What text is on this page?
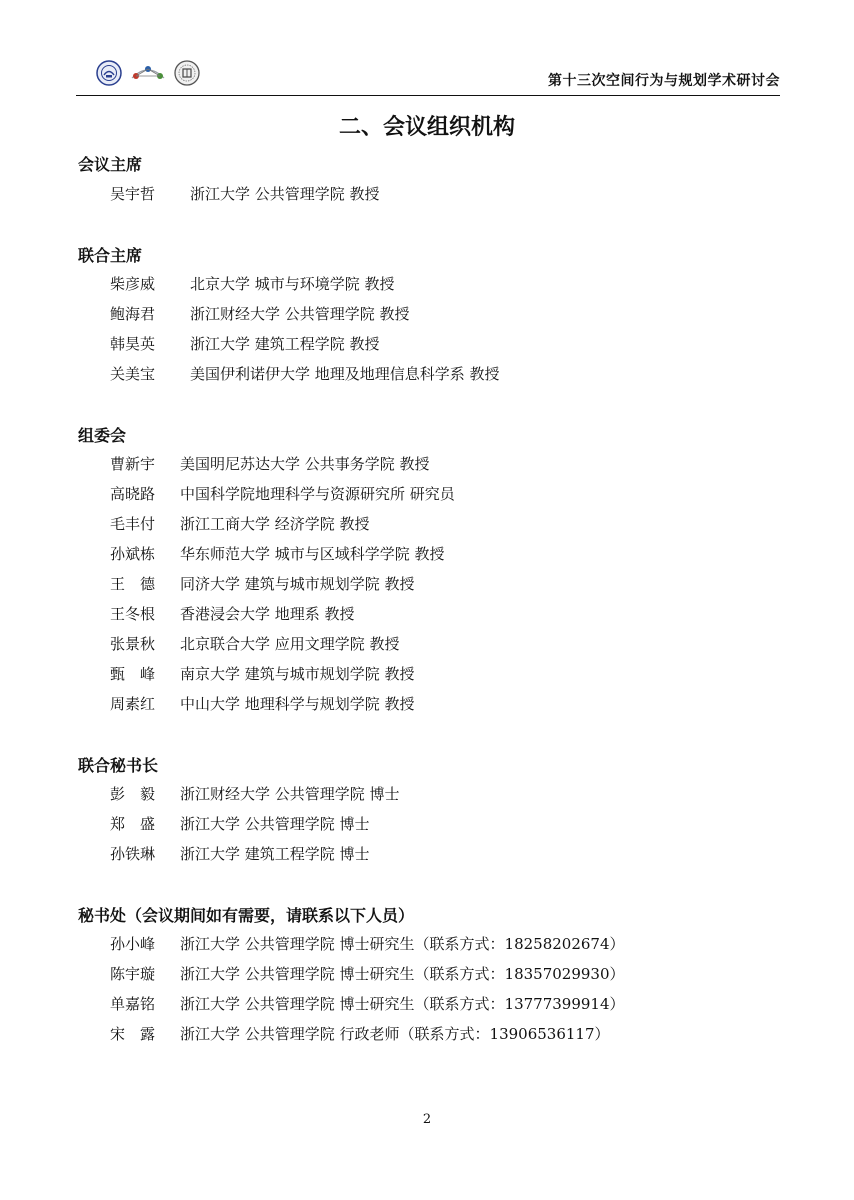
第十三次空间行为与规划学术研讨会
二、会议组织机构
会议主席
吴宇哲 浙江大学 公共管理学院 教授
联合主席
柴彦威 北京大学 城市与环境学院 教授
鲍海君 浙江财经大学 公共管理学院 教授
韩昊英 浙江大学 建筑工程学院 教授
关美宝 美国伊利诺伊大学 地理及地理信息科学系 教授
组委会
曹新宇 美国明尼苏达大学 公共事务学院 教授
高晓路 中国科学院地理科学与资源研究所 研究员
毛丰付 浙江工商大学 经济学院 教授
孙斌栋 华东师范大学 城市与区域科学学院 教授
王　德 同济大学 建筑与城市规划学院 教授
王冬根 香港浸会大学 地理系 教授
张景秋 北京联合大学 应用文理学院 教授
甄　峰 南京大学 建筑与城市规划学院 教授
周素红 中山大学 地理科学与规划学院 教授
联合秘书长
彭　毅 浙江财经大学 公共管理学院 博士
郑　盛 浙江大学 公共管理学院 博士
孙铁琳 浙江大学 建筑工程学院 博士
秘书处（会议期间如有需要，请联系以下人员）
孙小峰 浙江大学 公共管理学院 博士研究生（联系方式：18258202674）
陈宇璇 浙江大学 公共管理学院 博士研究生（联系方式：18357029930）
单嘉铭 浙江大学 公共管理学院 博士研究生（联系方式：13777399914）
宋　露 浙江大学 公共管理学院 行政老师（联系方式：13906536117）
2
